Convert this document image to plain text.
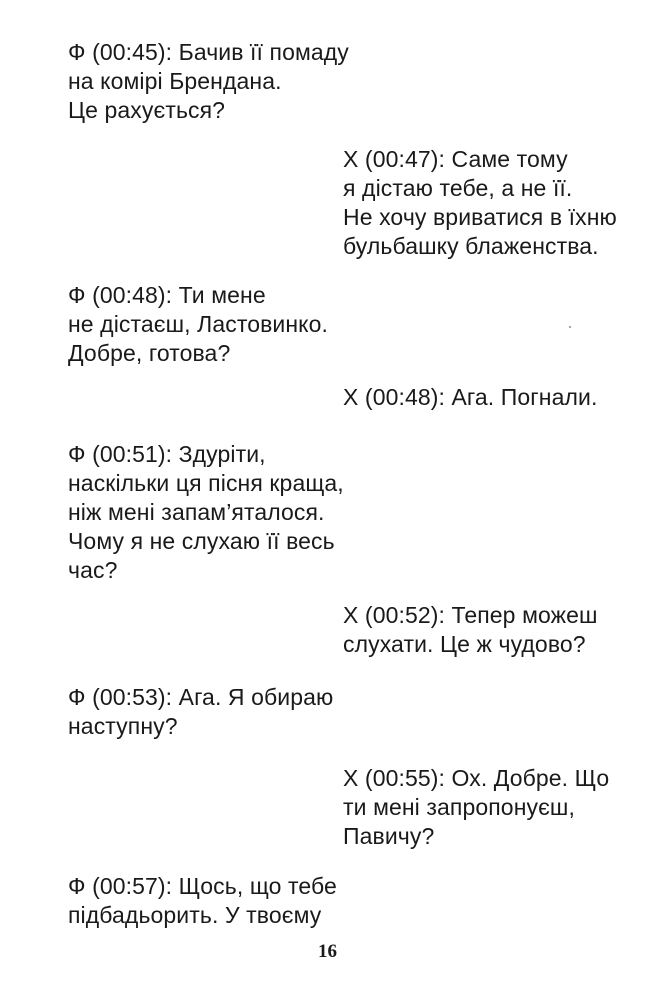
Ф (00:45): Бачив її помаду
на комірі Брендана.
Це рахується?
Х (00:47): Саме тому
я дістаю тебе, а не її.
Не хочу вриватися в їхню
бульбашку блаженства.
Ф (00:48): Ти мене
не дістаєш, Ластовинко.
Добре, готова?
Х (00:48): Ага. Погнали.
Ф (00:51): Здуріти,
наскільки ця пісня краща,
ніж мені запам’яталося.
Чому я не слухаю її весь
час?
Х (00:52): Тепер можеш
слухати. Це ж чудово?
Ф (00:53): Ага. Я обираю
наступну?
Х (00:55): Ох. Добре. Що
ти мені запропонуєш,
Павичу?
Ф (00:57): Щось, що тебе
підбадьорить. У твоєму
16
